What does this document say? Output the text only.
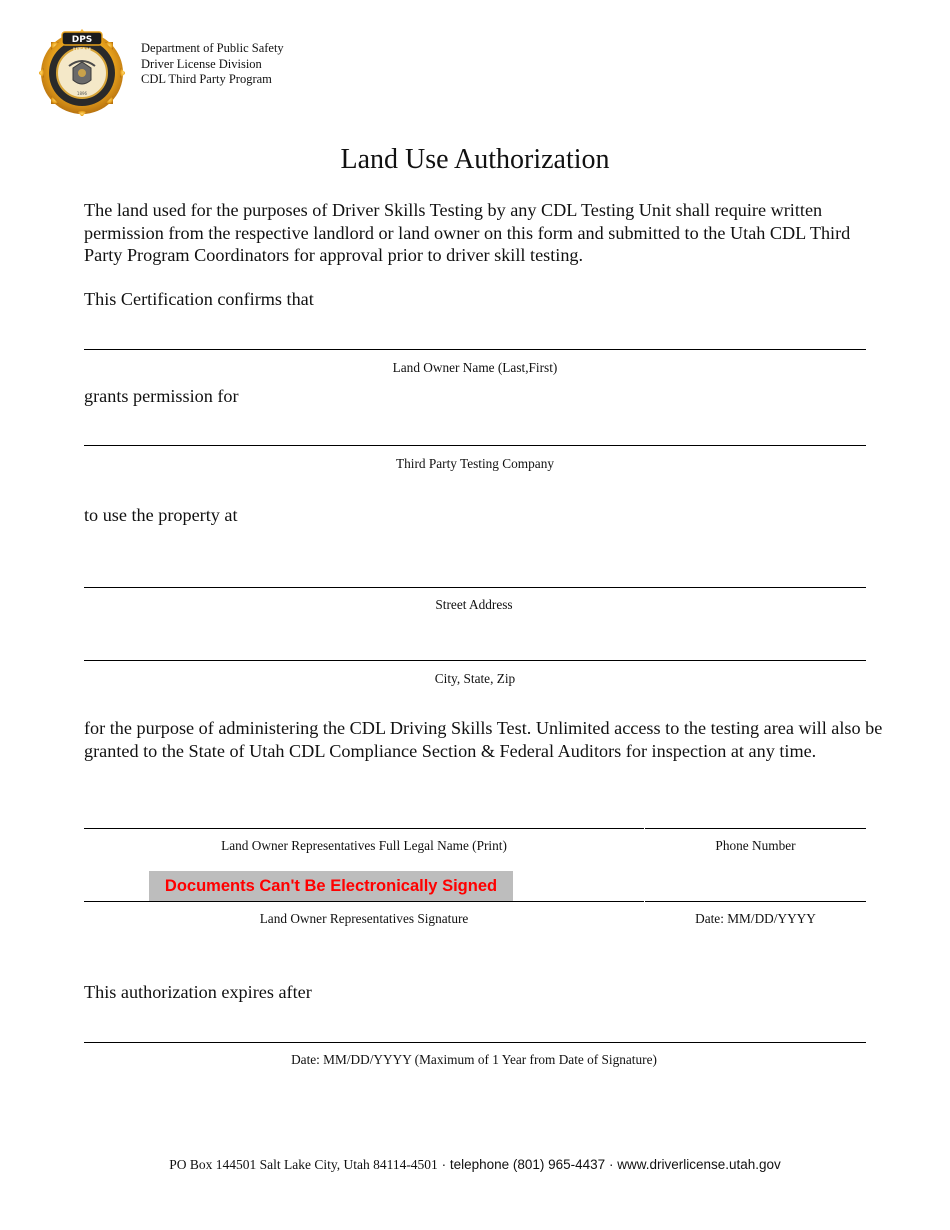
DPS
UTAH
1896
Department of Public Safety
Driver License Division
CDL Third Party Program
Land Use Authorization
The land used for the purposes of Driver Skills Testing by any CDL Testing Unit shall require written permission from the respective landlord or land owner on this form and submitted to the Utah CDL Third Party Program Coordinators for approval prior to driver skill testing.
This Certification confirms that
Land Owner Name (Last,First)
grants permission for
Third Party Testing Company
to use the property at
Street Address
City, State, Zip
for the purpose of administering the CDL Driving Skills Test. Unlimited access to the testing area will also be granted to the State of Utah CDL Compliance Section & Federal Auditors for inspection at any time.
Land Owner Representatives Full Legal Name (Print)	Phone Number
Documents Can't Be Electronically Signed
Land Owner Representatives Signature	Date: MM/DD/YYYY
This authorization expires after
Date: MM/DD/YYYY (Maximum of 1 Year from Date of Signature)
PO Box 144501 Salt Lake City, Utah 84114-4501 · telephone (801) 965-4437 · www.driverlicense.utah.gov
